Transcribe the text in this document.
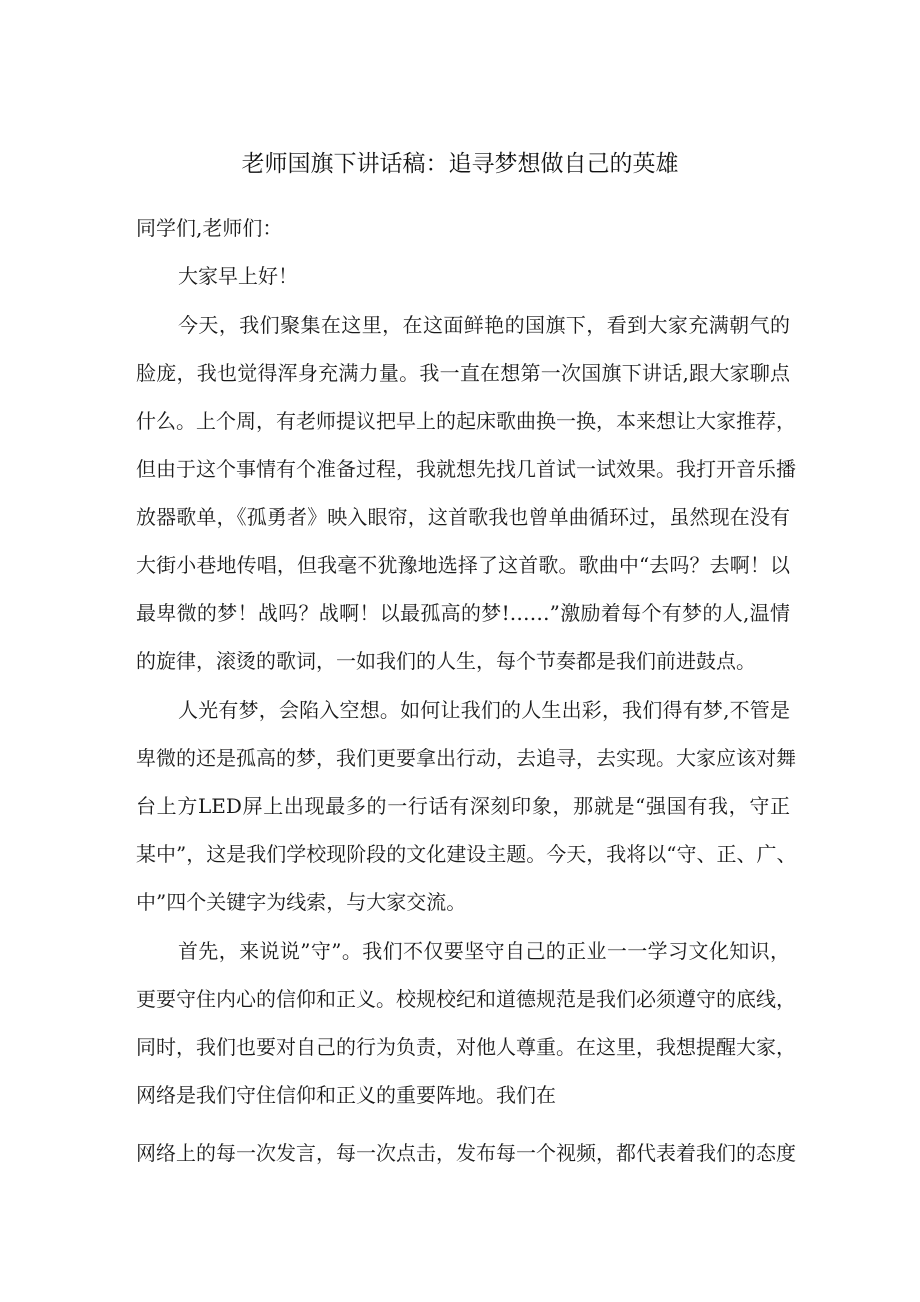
老师国旗下讲话稿：追寻梦想做自己的英雄
同学们,老师们：
大家早上好！
今天，我们聚集在这里，在这面鲜艳的国旗下，看到大家充满朝气的
脸庞，我也觉得浑身充满力量。我一直在想第一次国旗下讲话,跟大家聊点
什么。上个周，有老师提议把早上的起床歌曲换一换，本来想让大家推荐，
但由于这个事情有个准备过程，我就想先找几首试一试效果。我打开音乐播
放器歌单，《孤勇者》映入眼帘，这首歌我也曾单曲循环过，虽然现在没有
大街小巷地传唱，但我毫不犹豫地选择了这首歌。歌曲中“去吗？去啊！以
最卑微的梦！战吗？战啊！以最孤高的梦!……”激励着每个有梦的人,温情
的旋律，滚烫的歌词，一如我们的人生，每个节奏都是我们前进鼓点。
人光有梦，会陷入空想。如何让我们的人生出彩，我们得有梦,不管是
卑微的还是孤高的梦，我们更要拿出行动，去追寻，去实现。大家应该对舞
台上方LED屏上出现最多的一行话有深刻印象，那就是“强国有我，守正
某中”，这是我们学校现阶段的文化建设主题。今天，我将以“守、正、广、
中”四个关键字为线索，与大家交流。
首先，来说说”守”。我们不仅要坚守自己的正业一一学习文化知识，
更要守住内心的信仰和正义。校规校纪和道德规范是我们必须遵守的底线，
同时，我们也要对自己的行为负责，对他人尊重。在这里，我想提醒大家，
网络是我们守住信仰和正义的重要阵地。我们在
网络上的每一次发言，每一次点击，发布每一个视频，都代表着我们的态度
